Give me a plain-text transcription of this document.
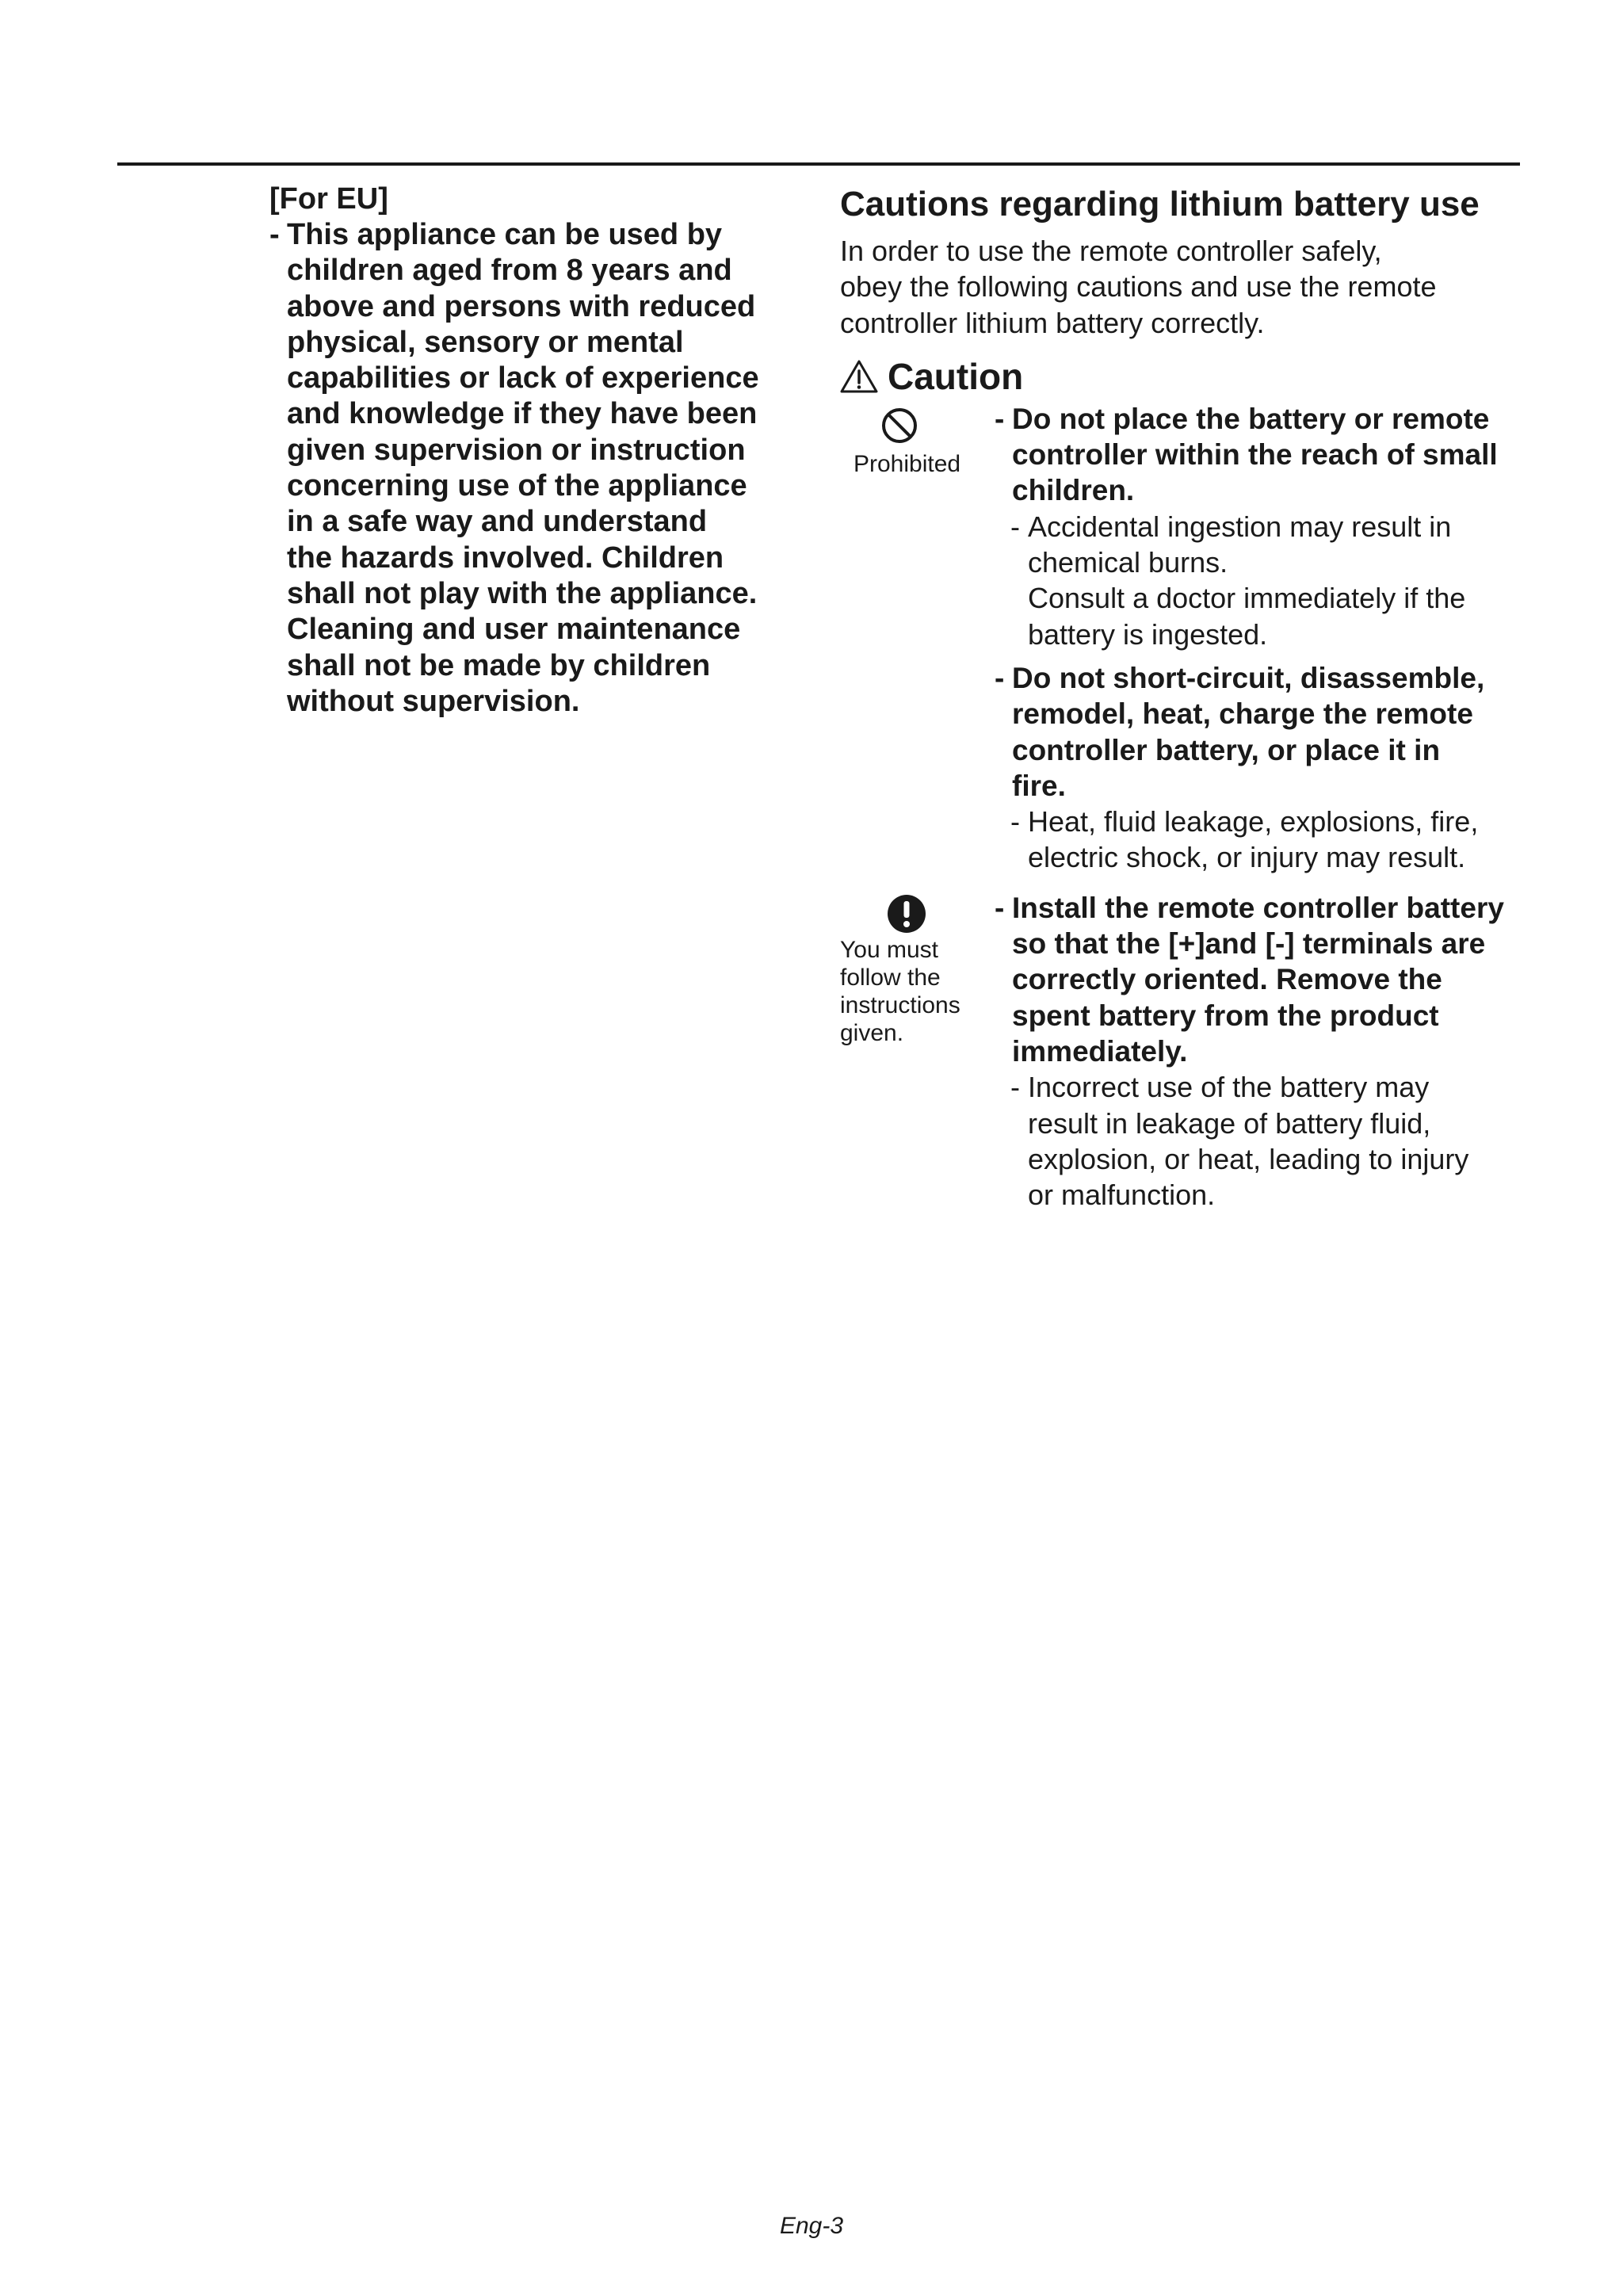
[For EU]

- This appliance can be used by
children aged from 8 years and
above and persons with reduced
physical, sensory or mental
capabilities or lack of experience
and knowledge if they have been
given supervision or instruction
concerning use of the appliance
in a safe way and understand
the hazards involved. Children
shall not play with the appliance.
Cleaning and user maintenance
shall not be made by children
without supervision.
Cautions regarding lithium battery use

In order to use the remote controller safely,
obey the following cautions and use the remote
controller lithium battery correctly.

Caution
Prohibited
- Do not place the battery or remote
controller within the reach of small
children.
- Accidental ingestion may result in
chemical burns.
Consult a doctor immediately if the
battery is ingested.
- Do not short-circuit, disassemble,
remodel, heat, charge the remote
controller battery, or place it in
fire.
- Heat, fluid leakage, explosions, fire,
electric shock, or injury may result.
You must
follow the
instructions
given.
- Install the remote controller battery
so that the [+]and [-] terminals are
correctly oriented. Remove the
spent battery from the product
immediately.
- Incorrect use of the battery may
result in leakage of battery fluid,
explosion, or heat, leading to injury
or malfunction.
Eng-3
